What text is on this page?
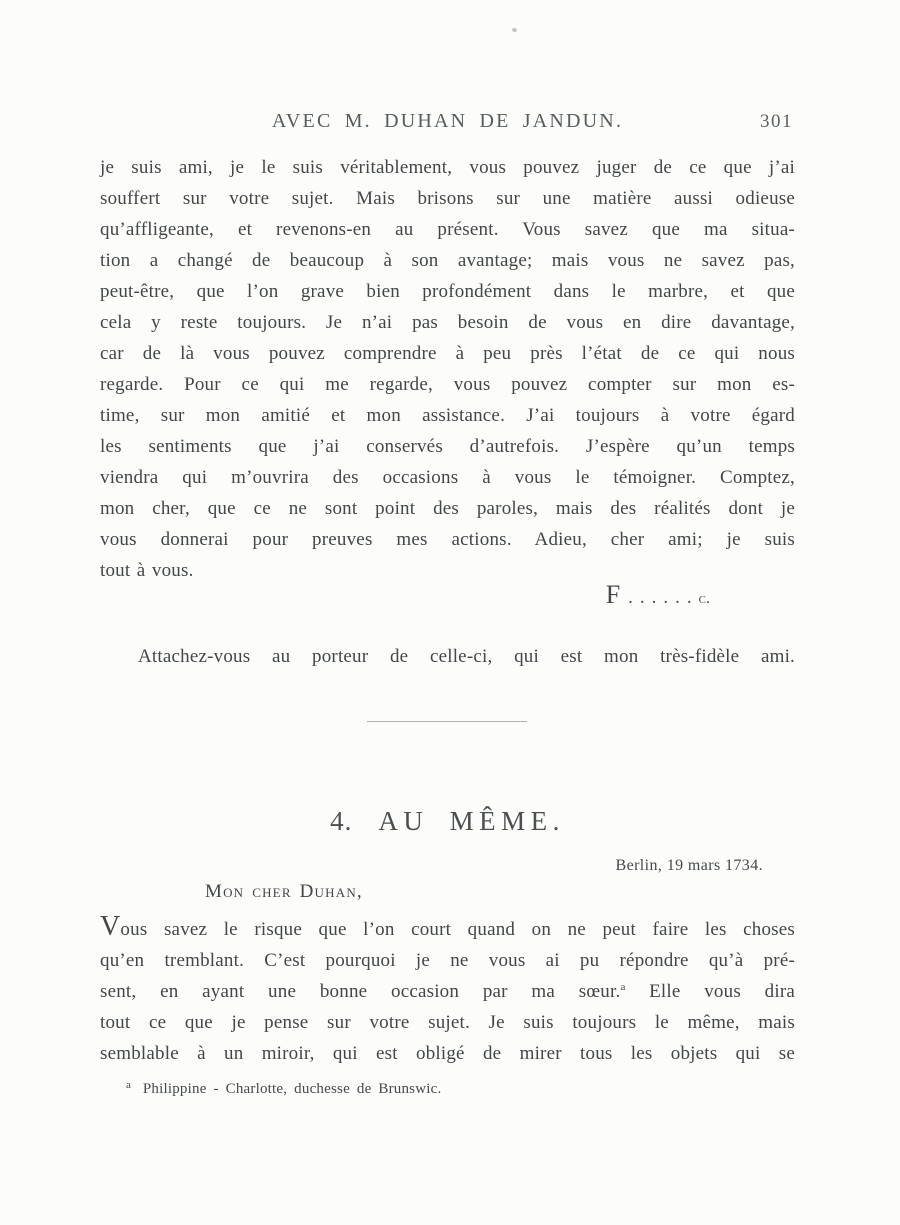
AVEC M. DUHAN DE JANDUN.	301
je suis ami, je le suis véritablement, vous pouvez juger de ce que j’ai
souffert sur votre sujet. Mais brisons sur une matière aussi odieuse
qu’affligeante, et revenons-en au présent. Vous savez que ma situa-
tion a changé de beaucoup à son avantage; mais vous ne savez pas,
peut-être, que l’on grave bien profondément dans le marbre, et que
cela y reste toujours. Je n’ai pas besoin de vous en dire davantage,
car de là vous pouvez comprendre à peu près l’état de ce qui nous
regarde. Pour ce qui me regarde, vous pouvez compter sur mon es-
time, sur mon amitié et mon assistance. J’ai toujours à votre égard
les sentiments que j’ai conservés d’autrefois. J’espère qu’un temps
viendra qui m’ouvrira des occasions à vous le témoigner. Comptez,
mon cher, que ce ne sont point des paroles, mais des réalités dont je
vous donnerai pour preuves mes actions. Adieu, cher ami; je suis
tout à vous.
F ......c.
Attachez-vous au porteur de celle-ci, qui est mon très-fidèle ami.
4. AU MÊME.
Berlin, 19 mars 1734.
Mon cher Duhan,
Vous savez le risque que l’on court quand on ne peut faire les choses
qu’en tremblant. C’est pourquoi je ne vous ai pu répondre qu’à pré-
sent, en ayant une bonne occasion par ma sœur.$^a$ Elle vous dira
tout ce que je pense sur votre sujet. Je suis toujours le même, mais
semblable à un miroir, qui est obligé de mirer tous les objets qui se
$^a$ Philippine - Charlotte, duchesse de Brunswic.
